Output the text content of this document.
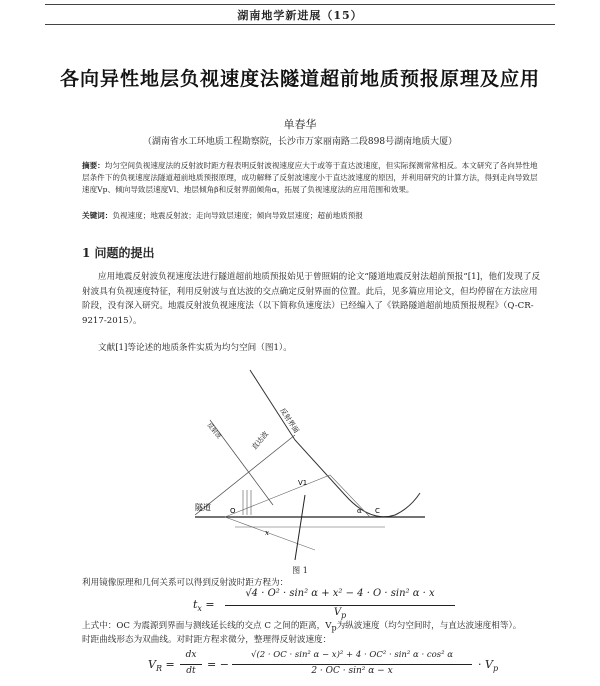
湖南地学新进展（15）
各向异性地层负视速度法隧道超前地质预报原理及应用
单春华
（湖南省水工环地质工程勘察院，长沙市万家丽南路二段898号湖南地质大厦）
摘要：均匀空间负视速度法的反射波时距方程表明反射波视速度应大于或等于直达波速度，但实际探测常常相反。本文研究了各向异性地层条件下的负视速度法隧道超前地质预报原理，成功解释了反射波速度小于直达波速度的原因，并利用研究的计算方法，得到走向导致层速度Vp、倾向导致层速度Vl、地层倾角β和反射界面倾角α，拓展了负视速度法的应用范围和效果。
关键词：负视速度；地震反射波；走向导致层速度；倾向导致层速度；超前地质预报
1 问题的提出
应用地震反射波负视速度法进行隧道超前地质预报始见于曾照娟的论文“隧道地震反射法超前预报”[1]，他们发现了反射波具有负视速度特征，利用反射波与直达波的交点确定反射界面的位置。此后，见多篇应用论文，但均停留在方法应用阶段，没有深入研究。地震反射波负视速度法（以下简称负速度法）已经编入了《铁路隧道超前地质预报规程》（Q-CR-9217-2015）。
文献[1]等论述的地质条件实质为均匀空间（图1）。
反射界面
直达波
反射波
隧道
V1
C
O
x
α
图 1
利用镜像原理和几何关系可以得到反射波时距方程为：
$t_x$ =
√4 · O² · sin² α + x² − 4 · O · sin² α · x
$V_p$
上式中：OC 为震源到界面与测线延长线的交点 C 之间的距离，$V_p$为纵波速度（均匀空间时，与直达波速度相等）。
时距曲线形态为双曲线。对时距方程求微分，整理得反射波速度：
$V_R$ =
dx
dt	= −
√(2 · OC · sin² α − x)² + 4 · OC² · sin² α · cos² α
2 · OC · sin² α − x	· $V_p$
